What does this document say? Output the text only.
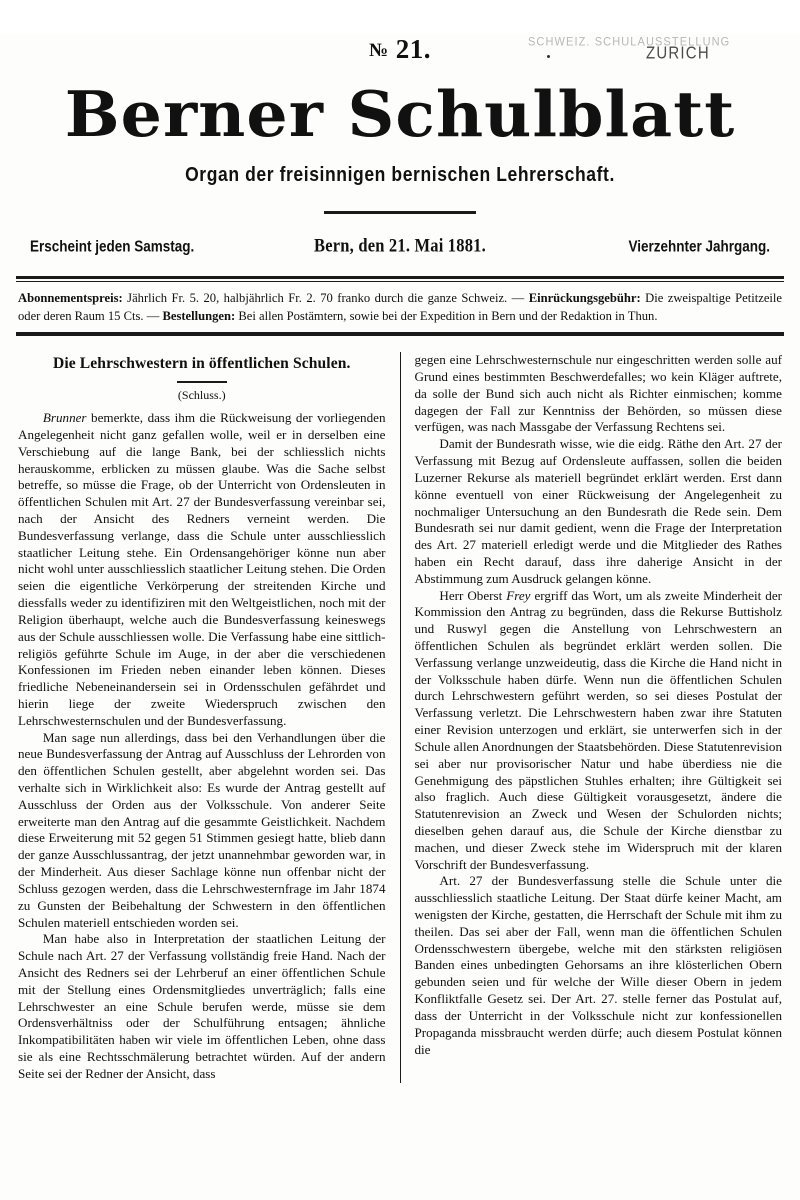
SCHWEIZ. SCHULAUSSTELLUNG
№ 21.	ZURICH
Berner Schulblatt
Organ der freisinnigen bernischen Lehrerschaft.
Erscheint jeden Samstag.	Bern, den 21. Mai 1881.	Vierzehnter Jahrgang.
Abonnementspreis: Jährlich Fr. 5. 20, halbjährlich Fr. 2. 70 franko durch die ganze Schweiz. — Einrückungsgebühr: Die zweispaltige Petitzeile oder deren Raum 15 Cts. — Bestellungen: Bei allen Postämtern, sowie bei der Expedition in Bern und der Redaktion in Thun.
Die Lehrschwestern in öffentlichen Schulen.
(Schluss.)

Brunner bemerkte, dass ihm die Rückweisung der vorliegenden Angelegenheit nicht ganz gefallen wolle, weil er in derselben eine Verschiebung auf die lange Bank, bei der schliesslich nichts herauskomme, erblicken zu müssen glaube. Was die Sache selbst betreffe, so müsse die Frage, ob der Unterricht von Ordensleuten in öffentlichen Schulen mit Art. 27 der Bundesverfassung vereinbar sei, nach der Ansicht des Redners verneint werden. Die Bundesverfassung verlange, dass die Schule unter ausschliesslich staatlicher Leitung stehe. Ein Ordensangehöriger könne nun aber nicht wohl unter ausschliesslich staatlicher Leitung stehen. Die Orden seien die eigentliche Verkörperung der streitenden Kirche und diessfalls weder zu identifiziren mit den Weltgeistlichen, noch mit der Religion überhaupt, welche auch die Bundesverfassung keineswegs aus der Schule ausschliessen wolle. Die Verfassung habe eine sittlich-religiös geführte Schule im Auge, in der aber die verschiedenen Konfessionen im Frieden neben einander leben können. Dieses friedliche Nebeneinandersein sei in Ordensschulen gefährdet und hierin liege der zweite Wiederspruch zwischen den Lehrschwesternschulen und der Bundesverfassung.

Man sage nun allerdings, dass bei den Verhandlungen über die neue Bundesverfassung der Antrag auf Ausschluss der Lehrorden von den öffentlichen Schulen gestellt, aber abgelehnt worden sei. Das verhalte sich in Wirklichkeit also: Es wurde der Antrag gestellt auf Ausschluss der Orden aus der Volksschule. Von anderer Seite erweiterte man den Antrag auf die gesammte Geistlichkeit. Nachdem diese Erweiterung mit 52 gegen 51 Stimmen gesiegt hatte, blieb dann der ganze Ausschlussantrag, der jetzt unannehmbar geworden war, in der Minderheit. Aus dieser Sachlage könne nun offenbar nicht der Schluss gezogen werden, dass die Lehrschwesternfrage im Jahr 1874 zu Gunsten der Beibehaltung der Schwestern in den öffentlichen Schulen materiell entschieden worden sei.

Man habe also in Interpretation der staatlichen Leitung der Schule nach Art. 27 der Verfassung vollständig freie Hand. Nach der Ansicht des Redners sei der Lehrberuf an einer öffentlichen Schule mit der Stellung eines Ordensmitgliedes unverträglich; falls eine Lehrschwester an eine Schule berufen werde, müsse sie dem Ordensverhältniss oder der Schulführung entsagen; ähnliche Inkompatibilitäten haben wir viele im öffentlichen Leben, ohne dass sie als eine Rechtsschmälerung betrachtet würden. Auf der andern Seite sei der Redner der Ansicht, dass

gegen eine Lehrschwesternschule nur eingeschritten werden solle auf Grund eines bestimmten Beschwerdefalles; wo kein Kläger auftrete, da solle der Bund sich auch nicht als Richter einmischen; komme dagegen der Fall zur Kenntniss der Behörden, so müssen diese verfügen, was nach Massgabe der Verfassung Rechtens sei.

Damit der Bundesrath wisse, wie die eidg. Räthe den Art. 27 der Verfassung mit Bezug auf Ordensleute auffassen, sollen die beiden Luzerner Rekurse als materiell begründet erklärt werden. Erst dann könne eventuell von einer Rückweisung der Angelegenheit zu nochmaliger Untersuchung an den Bundesrath die Rede sein. Dem Bundesrath sei nur damit gedient, wenn die Frage der Interpretation des Art. 27 materiell erledigt werde und die Mitglieder des Rathes haben ein Recht darauf, dass ihre daherige Ansicht in der Abstimmung zum Ausdruck gelangen könne.

Herr Oberst Frey ergriff das Wort, um als zweite Minderheit der Kommission den Antrag zu begründen, dass die Rekurse Buttisholz und Ruswyl gegen die Anstellung von Lehrschwestern an öffentlichen Schulen als begründet erklärt werden sollen. Die Verfassung verlange unzweideutig, dass die Kirche die Hand nicht in der Volksschule haben dürfe. Wenn nun die öffentlichen Schulen durch Lehrschwestern geführt werden, so sei dieses Postulat der Verfassung verletzt. Die Lehrschwestern haben zwar ihre Statuten einer Revision unterzogen und erklärt, sie unterwerfen sich in der Schule allen Anordnungen der Staatsbehörden. Diese Statutenrevision sei aber nur provisorischer Natur und habe überdiess nie die Genehmigung des päpstlichen Stuhles erhalten; ihre Gültigkeit sei also fraglich. Auch diese Gültigkeit vorausgesetzt, ändere die Statutenrevision an Zweck und Wesen der Schulorden nichts; dieselben gehen darauf aus, die Schule der Kirche dienstbar zu machen, und dieser Zweck stehe im Widerspruch mit der klaren Vorschrift der Bundesverfassung.

Art. 27 der Bundesverfassung stelle die Schule unter die ausschliesslich staatliche Leitung. Der Staat dürfe keiner Macht, am wenigsten der Kirche, gestatten, die Herrschaft der Schule mit ihm zu theilen. Das sei aber der Fall, wenn man die öffentlichen Schulen Ordensschwestern übergebe, welche mit den stärksten religiösen Banden eines unbedingten Gehorsams an ihre klösterlichen Obern gebunden seien und für welche der Wille dieser Obern in jedem Konfliktfalle Gesetz sei. Der Art. 27. stelle ferner das Postulat auf, dass der Unterricht in der Volksschule nicht zur konfessionellen Propaganda missbraucht werden dürfe; auch diesem Postulat können die
